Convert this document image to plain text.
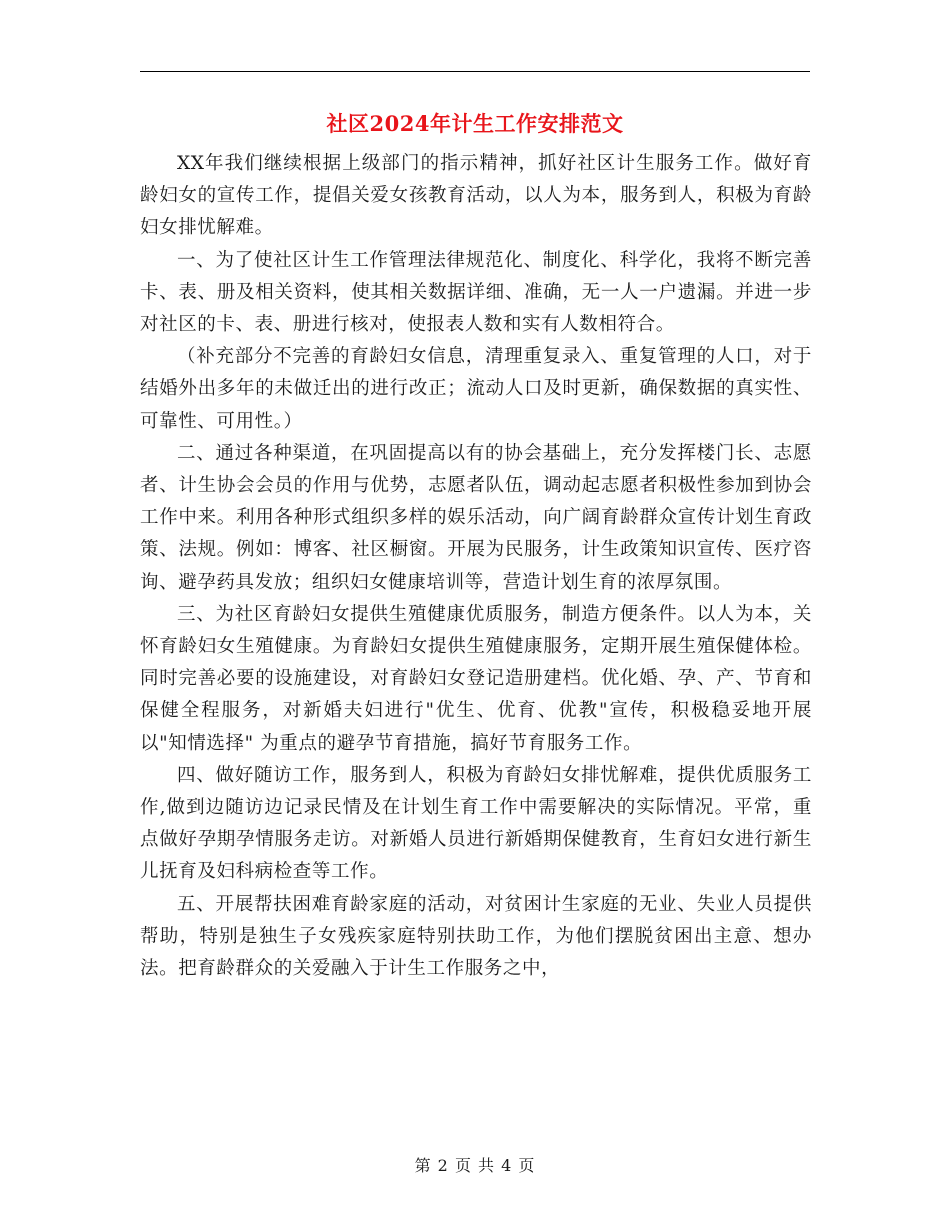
社区2024年计生工作安排范文

XX年我们继续根据上级部门的指示精神，抓好社区计生服务工作。做好育龄妇女的宣传工作，提倡关爱女孩教育活动，以人为本，服务到人，积极为育龄妇女排忧解难。

一、为了使社区计生工作管理法律规范化、制度化、科学化，我将不断完善卡、表、册及相关资料，使其相关数据详细、准确，无一人一户遗漏。并进一步对社区的卡、表、册进行核对，使报表人数和实有人数相符合。

（补充部分不完善的育龄妇女信息，清理重复录入、重复管理的人口，对于结婚外出多年的未做迁出的进行改正；流动人口及时更新，确保数据的真实性、可靠性、可用性。）

二、通过各种渠道，在巩固提高以有的协会基础上，充分发挥楼门长、志愿者、计生协会会员的作用与优势，志愿者队伍，调动起志愿者积极性参加到协会工作中来。利用各种形式组织多样的娱乐活动，向广阔育龄群众宣传计划生育政策、法规。例如：博客、社区橱窗。开展为民服务，计生政策知识宣传、医疗咨询、避孕药具发放；组织妇女健康培训等，营造计划生育的浓厚氛围。

三、为社区育龄妇女提供生殖健康优质服务，制造方便条件。以人为本，关怀育龄妇女生殖健康。为育龄妇女提供生殖健康服务，定期开展生殖保健体检。同时完善必要的设施建设，对育龄妇女登记造册建档。优化婚、孕、产、节育和保健全程服务，对新婚夫妇进行"优生、优育、优教"宣传，积极稳妥地开展以"知情选择" 为重点的避孕节育措施，搞好节育服务工作。

四、做好随访工作，服务到人，积极为育龄妇女排忧解难，提供优质服务工作,做到边随访边记录民情及在计划生育工作中需要解决的实际情况。平常，重点做好孕期孕情服务走访。对新婚人员进行新婚期保健教育，生育妇女进行新生儿抚育及妇科病检查等工作。

五、开展帮扶困难育龄家庭的活动，对贫困计生家庭的无业、失业人员提供帮助，特别是独生子女残疾家庭特别扶助工作，为他们摆脱贫困出主意、想办法。把育龄群众的关爱融入于计生工作服务之中，

第 2 页 共 4 页
